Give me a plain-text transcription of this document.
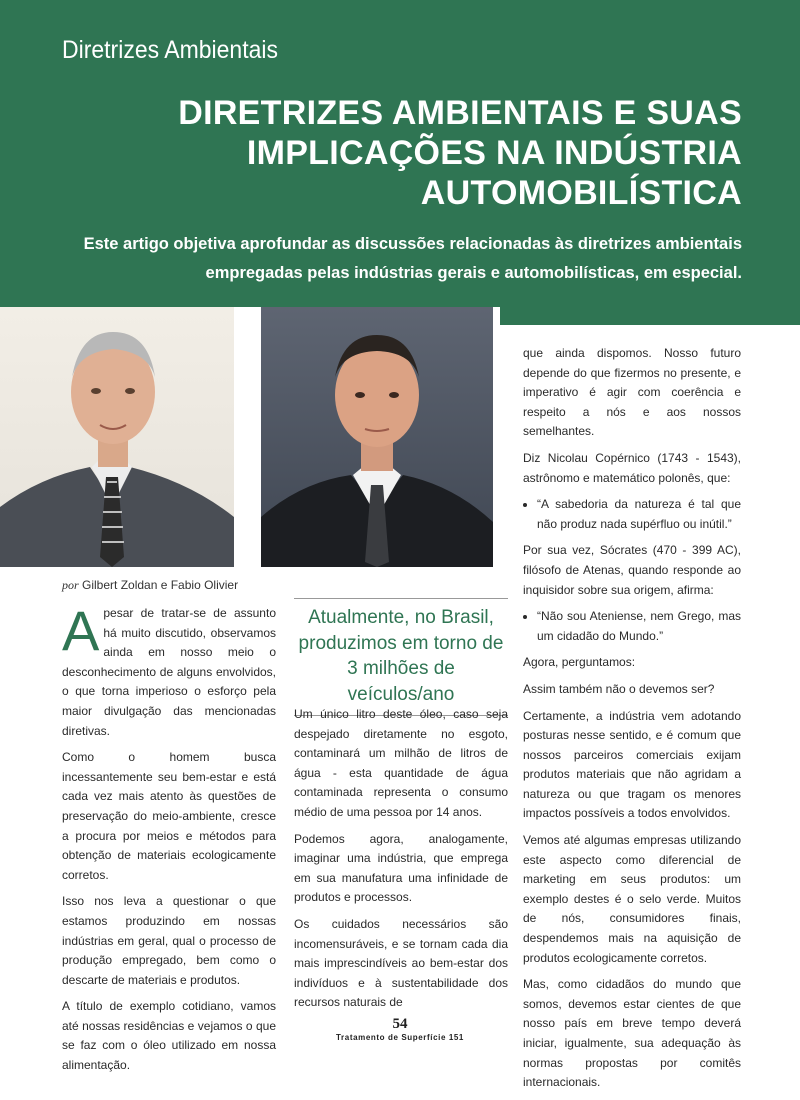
Diretrizes Ambientais
DIRETRIZES AMBIENTAIS E SUAS
IMPLICAÇÕES NA INDÚSTRIA
AUTOMOBILÍSTICA
Este artigo objetiva aprofundar as discussões relacionadas às diretrizes ambientais
empregadas pelas indústrias gerais e automobilísticas, em especial.
por Gilbert Zoldan e Fabio Olivier

Apesar de tratar-se de assunto há muito discutido, observamos ainda em nosso meio o desconhecimento de alguns envolvidos, o que torna imperioso o esforço pela maior divulgação das mencionadas diretivas.

Como o homem busca incessantemente seu bem-estar e está cada vez mais atento às questões de preservação do meio-ambiente, cresce a procura por meios e métodos para obtenção de materiais ecologicamente corretos.

Isso nos leva a questionar o que estamos produzindo em nossas indústrias em geral, qual o processo de produção empregado, bem como o descarte de materiais e produtos.

A título de exemplo cotidiano, vamos até nossas residências e vejamos o que se faz com o óleo utilizado em nossa alimentação.

Atualmente, no Brasil, produzimos em torno de 3 milhões de veículos/ano

Um único litro deste óleo, caso seja despejado diretamente no esgoto, contaminará um milhão de litros de água - esta quantidade de água contaminada representa o consumo médio de uma pessoa por 14 anos.

Podemos agora, analogamente, imaginar uma indústria, que emprega em sua manufatura uma infinidade de produtos e processos.

Os cuidados necessários são incomensuráveis, e se tornam cada dia mais imprescindíveis ao bem-estar dos indivíduos e à sustentabilidade dos recursos naturais de

que ainda dispomos. Nosso futuro depende do que fizermos no presente, e imperativo é agir com coerência e respeito a nós e aos nossos semelhantes.

Diz Nicolau Copérnico (1743 - 1543), astrônomo e matemático polonês, que:

• “A sabedoria da natureza é tal que não produz nada supérfluo ou inútil.”

Por sua vez, Sócrates (470 - 399 AC), filósofo de Atenas, quando responde ao inquisidor sobre sua origem, afirma:

• “Não sou Ateniense, nem Grego, mas um cidadão do Mundo.”

Agora, perguntamos:

Assim também não o devemos ser?

Certamente, a indústria vem adotando posturas nesse sentido, e é comum que nossos parceiros comerciais exijam produtos materiais que não agridam a natureza ou que tragam os menores impactos possíveis a todos envolvidos.

Vemos até algumas empresas utilizando este aspecto como diferencial de marketing em seus produtos: um exemplo destes é o selo verde. Muitos de nós, consumidores finais, despendemos mais na aquisição de produtos ecologicamente corretos.

Mas, como cidadãos do mundo que somos, devemos estar cientes de que nosso país em breve tempo deverá iniciar, igualmente, sua adequação às normas propostas por comitês internacionais.

54
Tratamento de Superfície 151
